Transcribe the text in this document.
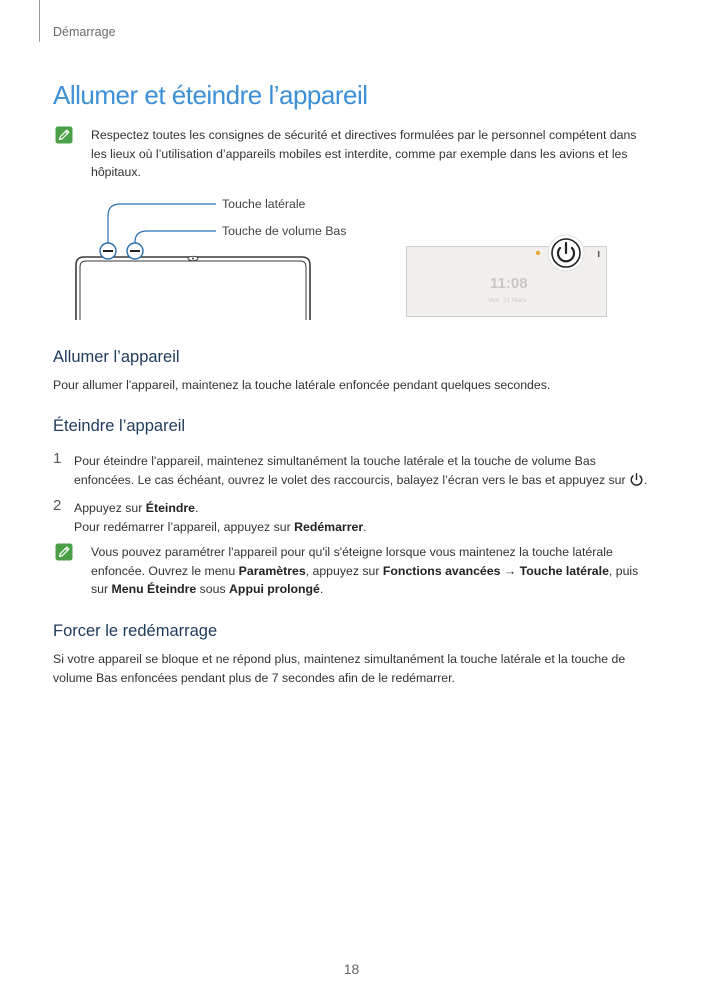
Démarrage
Allumer et éteindre l’appareil
Respectez toutes les consignes de sécurité et directives formulées par le personnel compétent dans les lieux où l’utilisation d’appareils mobiles est interdite, comme par exemple dans les avions et les hôpitaux.
11:08
Ven. 31 Mars
Touche latérale
Touche de volume Bas
Allumer l’appareil

Pour allumer l'appareil, maintenez la touche latérale enfoncée pendant quelques secondes.

Éteindre l’appareil
1 Pour éteindre l'appareil, maintenez simultanément la touche latérale et la touche de volume Bas enfoncées. Le cas échéant, ouvrez le volet des raccourcis, balayez l’écran vers le bas et appuyez sur .
2 Appuyez sur Éteindre.
Pour redémarrer l’appareil, appuyez sur Redémarrer.
Vous pouvez paramétrer l'appareil pour qu'il s'éteigne lorsque vous maintenez la touche latérale enfoncée. Ouvrez le menu Paramètres, appuyez sur Fonctions avancées → Touche latérale, puis sur Menu Éteindre sous Appui prolongé.
Forcer le redémarrage

Si votre appareil se bloque et ne répond plus, maintenez simultanément la touche latérale et la touche de volume Bas enfoncées pendant plus de 7 secondes afin de le redémarrer.

18
